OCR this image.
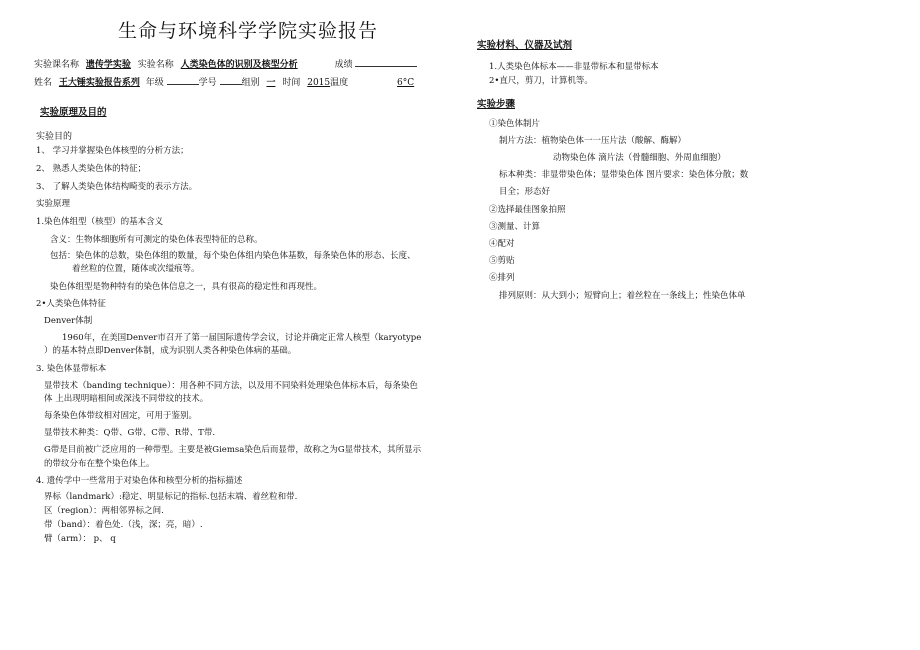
生命与环境科学学院实验报告
实验课名称 遗传学实验 实验名称 人类染色体的识别及核型分析	成绩
姓名 王大锤实验报告系列 年级	学号	组别 一 时间 2015温度	6°C
实验原理及目的
实验目的
1、 学习并掌握染色体核型的分析方法；
2、 熟悉人类染色体的特征；
3、 了解人类染色体结构畸变的表示方法。
实验原理
1.染色体组型（核型）的基本含义
含义：生物体细胞所有可测定的染色体表型特征的总称。
包括：染色体的总数，染色体组的数量，每个染色体组内染色体基数，每条染色体的形态、长度、
着丝粒的位置，随体或次缢痕等。
染色体组型是物种特有的染色体信息之一，具有很高的稳定性和再现性。
2•人类染色体特征
Denver体制
1960年，在美国Denver市召开了第一届国际遗传学会议，讨论并确定正常人核型（karyotype
）的基本特点即Denver体制，成为识别人类各种染色体病的基础。
3. 染色体显带标本
显带技术（banding technique）：用各种不同方法，以及用不同染料处理染色体标本后，每条染色
体 上出现明暗相间或深浅不同带纹的技术。
每条染色体带纹相对固定，可用于鉴别。
显带技术种类：Q带、G带、C带、R带、T带.
G带是目前被广泛应用的一种带型。主要是被Giemsa染色后而显带，故称之为G显带技术，其所显示
的带纹分布在整个染色体上。
4. 遗传学中一些常用于对染色体和核型分析的指标描述
界标（landmark）:稳定、明显标记的指标.包括末端、着丝粒和带.
区（region）：两相邻界标之间.
带（band）：着色处.（浅，深；亮，暗）.
臂（arm）： p、 q
实验材料、仪器及试剂
1.人类染色体标本——非显带标本和显带标本
2•直尺，剪刀，计算机等。
实验步骤
①染色体制片
制片方法：植物染色体一一压片法（酸解、酶解）
动物染色体 滴片法（骨髓细胞、外周血细胞）
标本种类：非显带染色体；显带染色体 图片要求：染色体分散；数
目全；形态好
②选择最佳图象拍照
③测量、计算
④配对
⑤剪贴
⑥排列
排列原则：从大到小；短臂向上；着丝粒在一条线上；性染色体单
